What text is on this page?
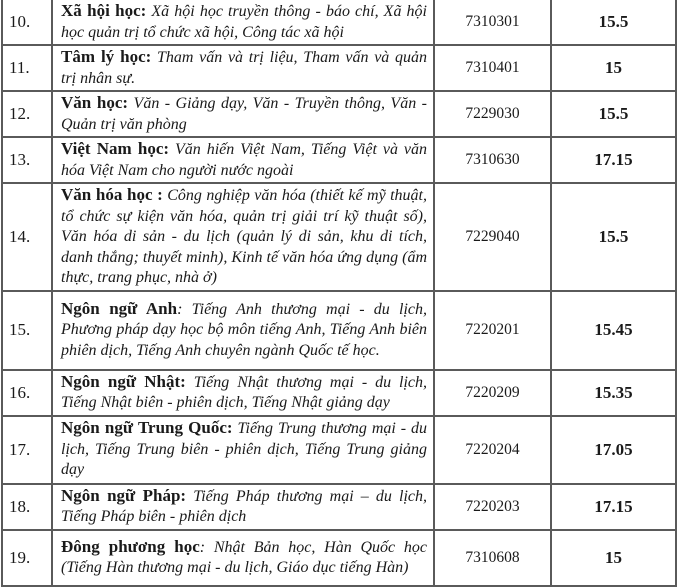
10.	Xã hội học: Xã hội học truyền thông - báo chí, Xã hội học quản trị tổ chức xã hội, Công tác xã hội	7310301	15.5
11.	Tâm lý học: Tham vấn và trị liệu, Tham vấn và quản trị nhân sự.	7310401	15
12.	Văn học: Văn - Giảng dạy, Văn - Truyền thông, Văn - Quản trị văn phòng	7229030	15.5
13.	Việt Nam học: Văn hiến Việt Nam, Tiếng Việt và văn hóa Việt Nam cho người nước ngoài	7310630	17.15
14.	Văn hóa học : Công nghiệp văn hóa (thiết kế mỹ thuật, tổ chức sự kiện văn hóa, quản trị giải trí kỹ thuật số), Văn hóa di sản - du lịch (quản lý di sản, khu di tích, danh thắng; thuyết minh), Kinh tế văn hóa ứng dụng (ẩm thực, trang phục, nhà ở)	7229040	15.5
15.	Ngôn ngữ Anh: Tiếng Anh thương mại - du lịch, Phương pháp dạy học bộ môn tiếng Anh, Tiếng Anh biên phiên dịch, Tiếng Anh chuyên ngành Quốc tế học.	7220201	15.45
16.	Ngôn ngữ Nhật: Tiếng Nhật thương mại - du lịch, Tiếng Nhật biên - phiên dịch, Tiếng Nhật giảng dạy	7220209	15.35
17.	Ngôn ngữ Trung Quốc: Tiếng Trung thương mại - du lịch, Tiếng Trung biên - phiên dịch, Tiếng Trung giảng dạy	7220204	17.05
18.	Ngôn ngữ Pháp: Tiếng Pháp thương mại – du lịch, Tiếng Pháp biên - phiên dịch	7220203	17.15
19.	Đông phương học: Nhật Bản học, Hàn Quốc học (Tiếng Hàn thương mại - du lịch, Giáo dục tiếng Hàn)	7310608	15
